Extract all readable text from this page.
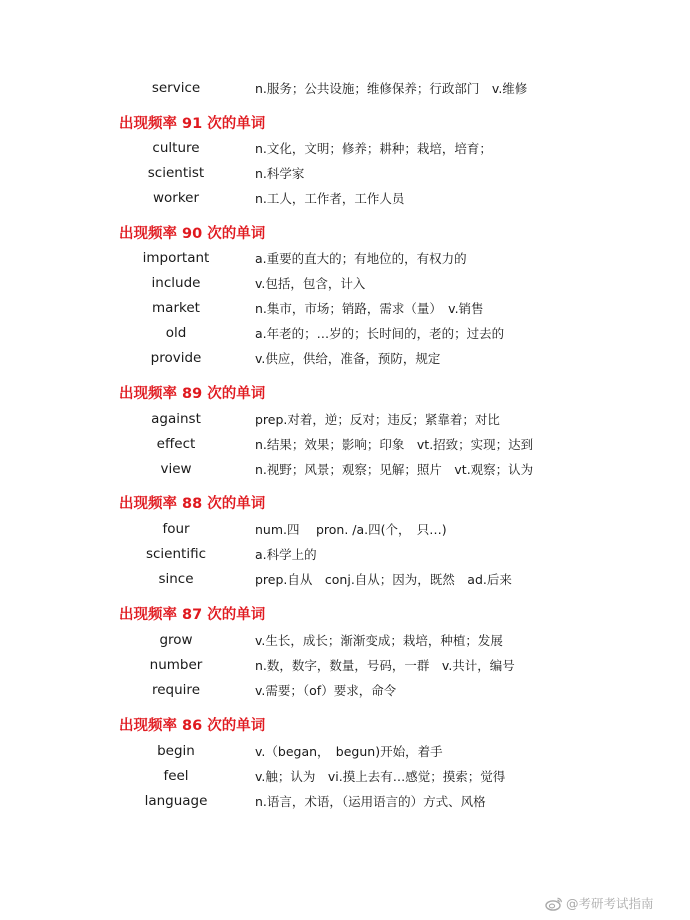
service	n.服务；公共设施；维修保养；行政部门　v.维修
出现频率 91 次的单词
culture	n.文化，文明；修养；耕种；栽培，培育；
scientist	n.科学家
worker	n.工人，工作者，工作人员
出现频率 90 次的单词
important	a.重要的直大的；有地位的，有权力的
include	v.包括，包含，计入
market	n.集市，市场；销路，需求（量）　v.销售
old	a.年老的；…岁的；长时间的，老的；过去的
provide	v.供应，供给，准备，预防，规定
出现频率 89 次的单词
against	prep.对着，逆；反对；违反；紧靠着；对比
effect	n.结果；效果；影响；印象　vt.招致；实现；达到
view	n.视野；风景；观察；见解；照片　vt.观察；认为
出现频率 88 次的单词
four	num.四　 pron. /a.四(个，　只…)
scientific	a.科学上的
since	prep.自从　conj.自从；因为，既然　ad.后来
出现频率 87 次的单词
grow	v.生长，成长；渐渐变成；栽培，种植；发展
number	n.数，数字，数量，号码，一群　v.共计，编号
require	v.需要；（of）要求，命令
出现频率 86 次的单词
begin	v.（began，　begun)开始，着手
feel	v.触；认为　vi.摸上去有…感觉；摸索；觉得
language	n.语言，术语，（运用语言的）方式、风格
@考研考试指南
